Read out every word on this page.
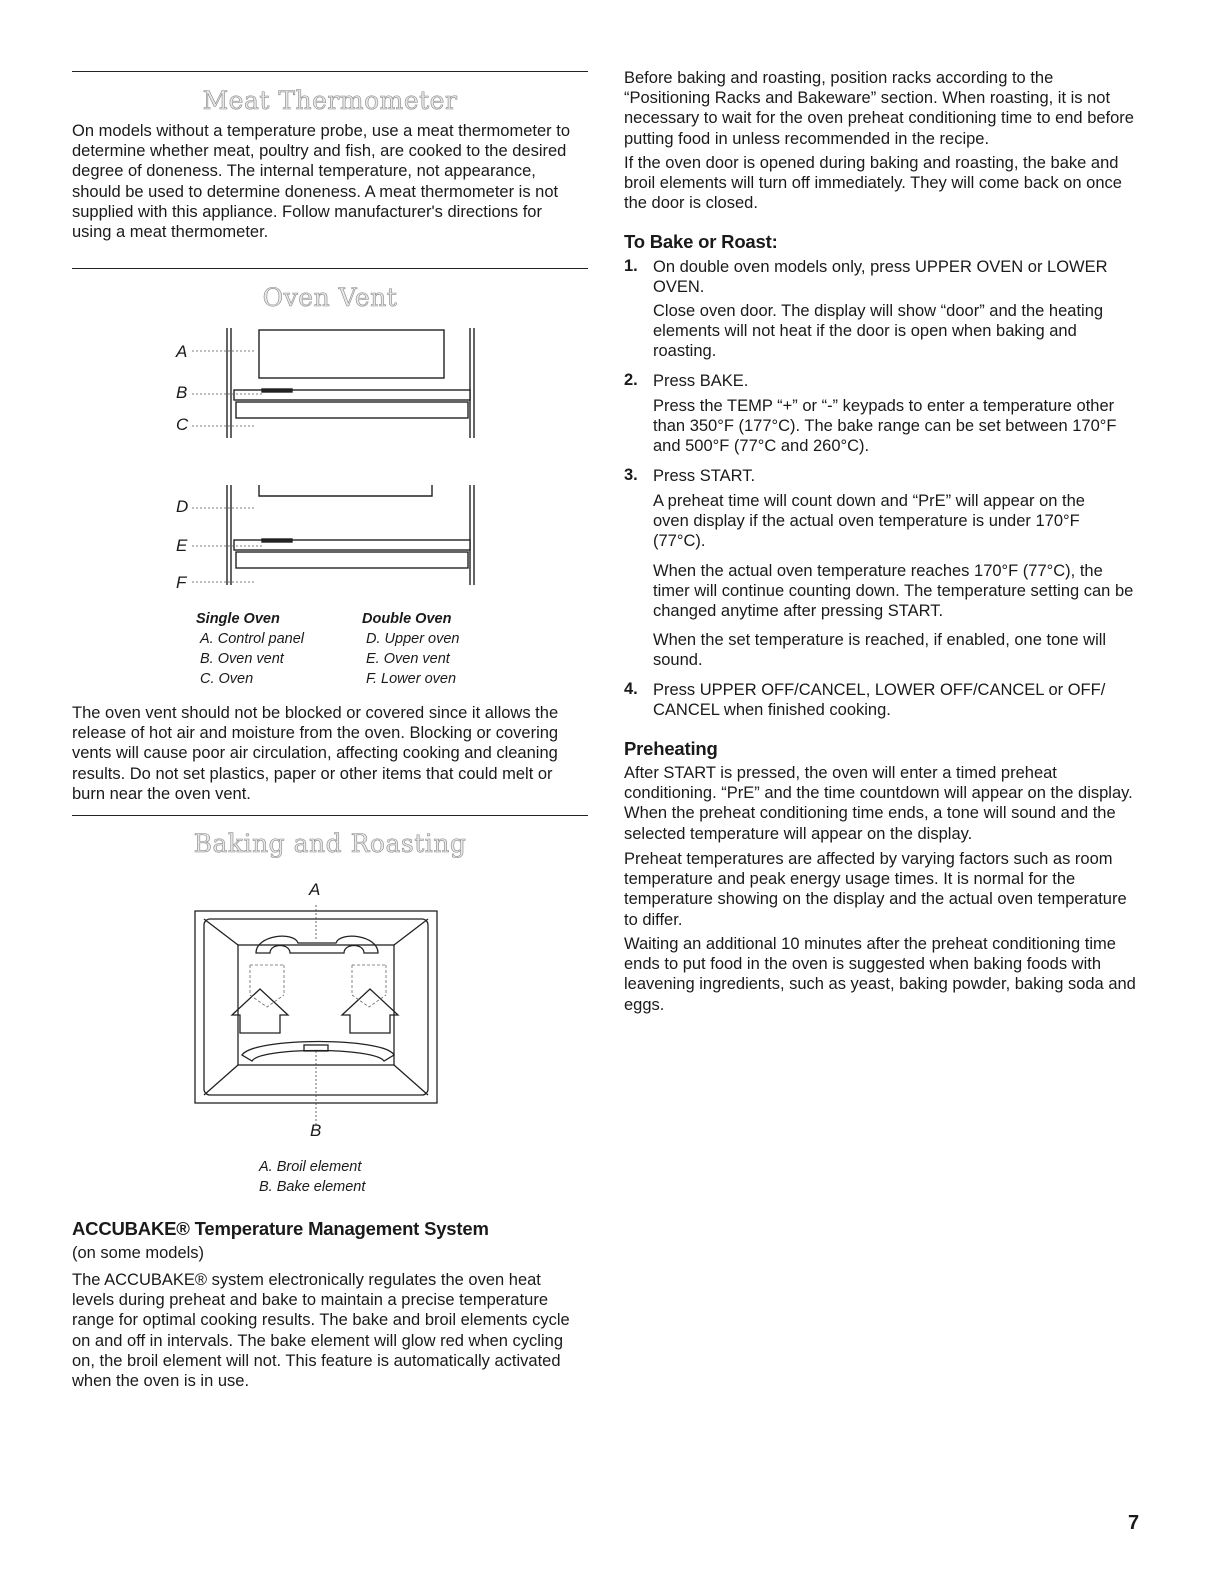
Meat Thermometer

On models without a temperature probe, use a meat thermometer to determine whether meat, poultry and fish, are cooked to the desired degree of doneness. The internal temperature, not appearance, should be used to determine doneness. A meat thermometer is not supplied with this appliance. Follow manufacturer's directions for using a meat thermometer.

Oven Vent
A
B
C
D
E
F
Single Oven
A. Control panel
B. Oven vent
C. Oven
Double Oven
D. Upper oven
E. Oven vent
F. Lower oven

The oven vent should not be blocked or covered since it allows the release of hot air and moisture from the oven. Blocking or covering vents will cause poor air circulation, affecting cooking and cleaning results. Do not set plastics, paper or other items that could melt or burn near the oven vent.

Baking and Roasting
A
B
A. Broil element
B. Bake element
ACCUBAKE® Temperature Management System

(on some models)

The ACCUBAKE® system electronically regulates the oven heat levels during preheat and bake to maintain a precise temperature range for optimal cooking results. The bake and broil elements cycle on and off in intervals. The bake element will glow red when cycling on, the broil element will not. This feature is automatically activated when the oven is in use.

Before baking and roasting, position racks according to the “Positioning Racks and Bakeware” section. When roasting, it is not necessary to wait for the oven preheat conditioning time to end before putting food in unless recommended in the recipe.

If the oven door is opened during baking and roasting, the bake and broil elements will turn off immediately. They will come back on once the door is closed.

To Bake or Roast:
1. On double oven models only, press UPPER OVEN or LOWER OVEN.

Close oven door. The display will show “door” and the heating elements will not heat if the door is open when baking and roasting.

2. Press BAKE.

Press the TEMP “+” or “-” keypads to enter a temperature other than 350°F (177°C). The bake range can be set between 170°F and 500°F (77°C and 260°C).

3. Press START.

A preheat time will count down and “PrE” will appear on the oven display if the actual oven temperature is under 170°F (77°C).

When the actual oven temperature reaches 170°F (77°C), the timer will continue counting down. The temperature setting can be changed anytime after pressing START.

When the set temperature is reached, if enabled, one tone will sound.

4. Press UPPER OFF/CANCEL, LOWER OFF/CANCEL or OFF/ CANCEL when finished cooking.

Preheating

After START is pressed, the oven will enter a timed preheat conditioning. “PrE” and the time countdown will appear on the display. When the preheat conditioning time ends, a tone will sound and the selected temperature will appear on the display.

Preheat temperatures are affected by varying factors such as room temperature and peak energy usage times. It is normal for the temperature showing on the display and the actual oven temperature to differ.

Waiting an additional 10 minutes after the preheat conditioning time ends to put food in the oven is suggested when baking foods with leavening ingredients, such as yeast, baking powder, baking soda and eggs.

7
